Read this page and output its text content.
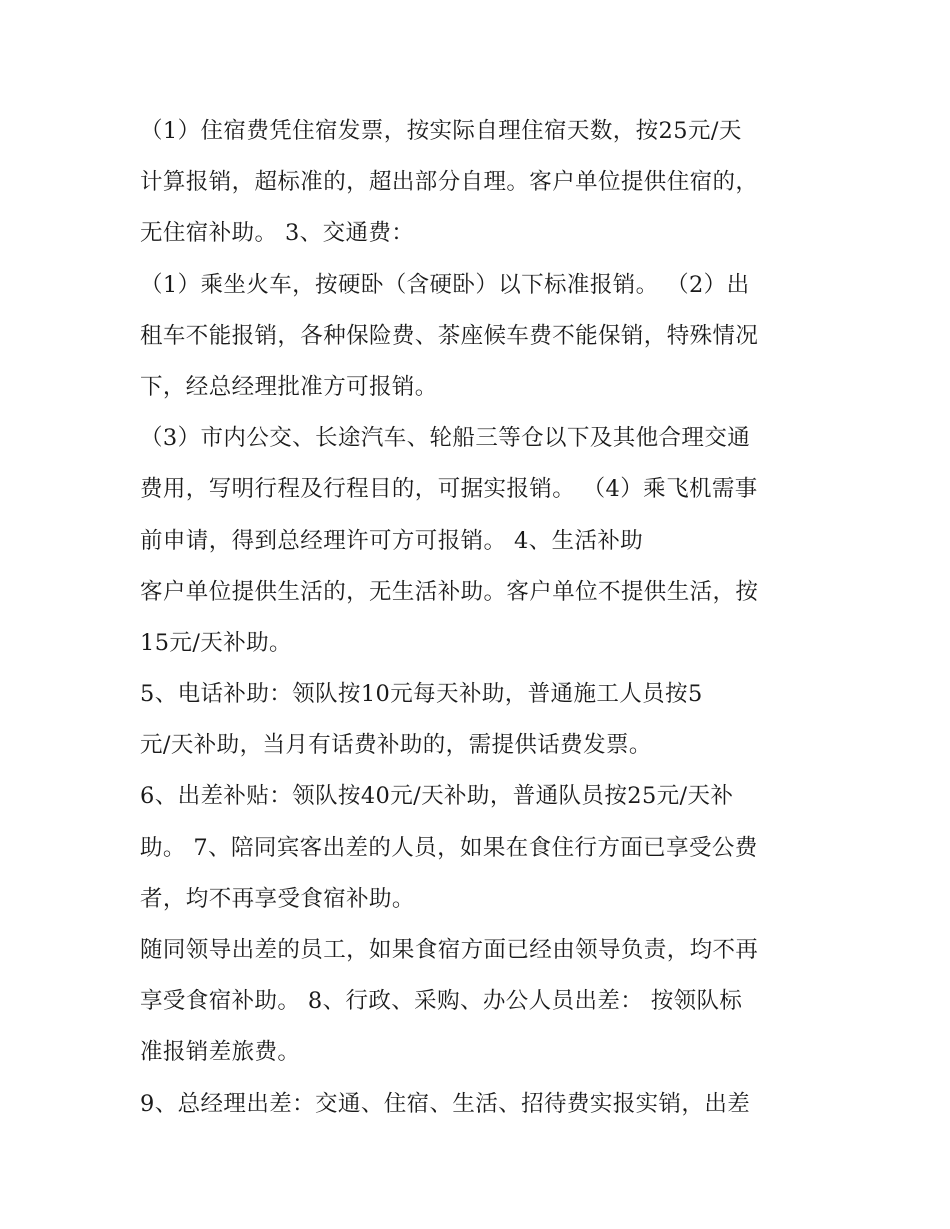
（1）住宿费凭住宿发票，按实际自理住宿天数，按25元/天
计算报销，超标准的，超出部分自理。客户单位提供住宿的，
无住宿补助。 3、交通费：
（1）乘坐火车，按硬卧（含硬卧）以下标准报销。 （2）出
租车不能报销，各种保险费、茶座候车费不能保销，特殊情况
下，经总经理批准方可报销。
（3）市内公交、长途汽车、轮船三等仓以下及其他合理交通
费用，写明行程及行程目的，可据实报销。 （4）乘飞机需事
前申请，得到总经理许可方可报销。 4、生活补助
客户单位提供生活的，无生活补助。客户单位不提供生活，按
15元/天补助。
5、电话补助：领队按10元每天补助，普通施工人员按5
元/天补助，当月有话费补助的，需提供话费发票。
6、出差补贴：领队按40元/天补助，普通队员按25元/天补
助。 7、陪同宾客出差的人员，如果在食住行方面已享受公费
者，均不再享受食宿补助。
随同领导出差的员工，如果食宿方面已经由领导负责，均不再
享受食宿补助。 8、行政、采购、办公人员出差： 按领队标
准报销差旅费。
9、总经理出差：交通、住宿、生活、招待费实报实销，出差
